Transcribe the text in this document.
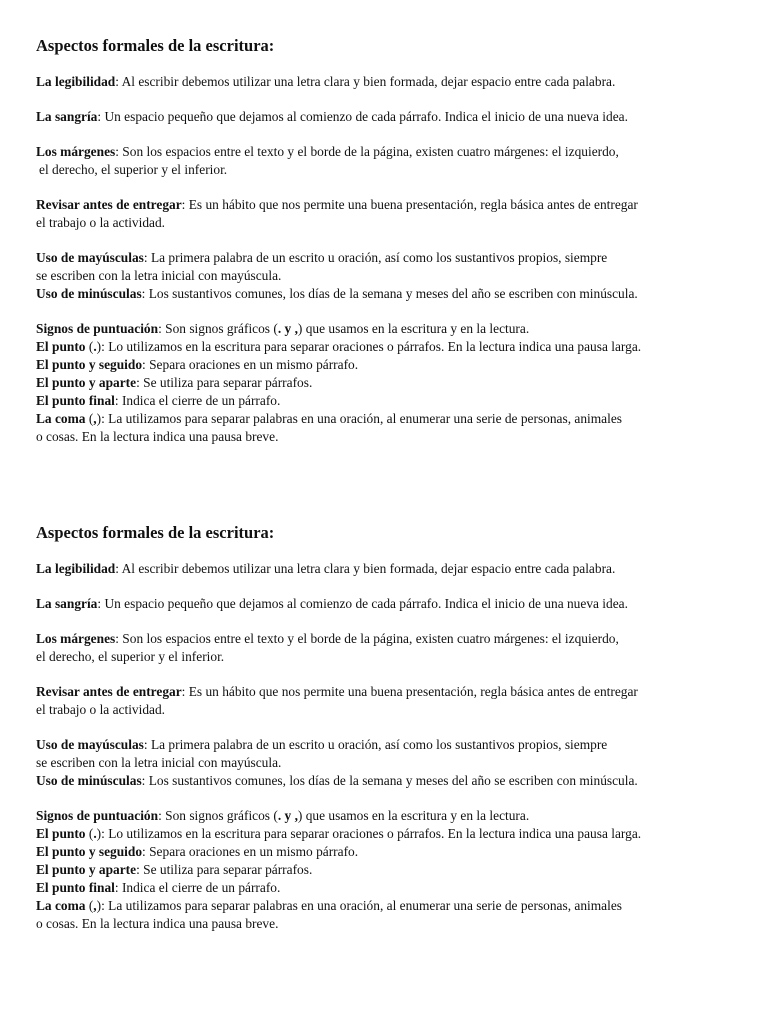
Aspectos formales de la escritura:

La legibilidad: Al escribir debemos utilizar una letra clara y bien formada, dejar espacio entre cada palabra.

La sangría: Un espacio pequeño que dejamos al comienzo de cada párrafo. Indica el inicio de una nueva idea.

Los márgenes: Son los espacios entre el texto y el borde de la página, existen cuatro márgenes: el izquierdo,
el derecho, el superior y el inferior.

Revisar antes de entregar: Es un hábito que nos permite una buena presentación, regla básica antes de entregar
el trabajo o la actividad.

Uso de mayúsculas: La primera palabra de un escrito u oración, así como los sustantivos propios, siempre
se escriben con la letra inicial con mayúscula.
Uso de minúsculas: Los sustantivos comunes, los días de la semana y meses del año se escriben con minúscula.

Signos de puntuación: Son signos gráficos (. y ,) que usamos en la escritura y en la lectura.
El punto (.): Lo utilizamos en la escritura para separar oraciones o párrafos. En la lectura indica una pausa larga.
El punto y seguido: Separa oraciones en un mismo párrafo.
El punto y aparte: Se utiliza para separar párrafos.
El punto final: Indica el cierre de un párrafo.
La coma (,): La utilizamos para separar palabras en una oración, al enumerar una serie de personas, animales
o cosas. En la lectura indica una pausa breve.

Aspectos formales de la escritura:

La legibilidad: Al escribir debemos utilizar una letra clara y bien formada, dejar espacio entre cada palabra.

La sangría: Un espacio pequeño que dejamos al comienzo de cada párrafo. Indica el inicio de una nueva idea.

Los márgenes: Son los espacios entre el texto y el borde de la página, existen cuatro márgenes: el izquierdo,
el derecho, el superior y el inferior.

Revisar antes de entregar: Es un hábito que nos permite una buena presentación, regla básica antes de entregar
el trabajo o la actividad.

Uso de mayúsculas: La primera palabra de un escrito u oración, así como los sustantivos propios, siempre
se escriben con la letra inicial con mayúscula.
Uso de minúsculas: Los sustantivos comunes, los días de la semana y meses del año se escriben con minúscula.

Signos de puntuación: Son signos gráficos (. y ,) que usamos en la escritura y en la lectura.
El punto (.): Lo utilizamos en la escritura para separar oraciones o párrafos. En la lectura indica una pausa larga.
El punto y seguido: Separa oraciones en un mismo párrafo.
El punto y aparte: Se utiliza para separar párrafos.
El punto final: Indica el cierre de un párrafo.
La coma (,): La utilizamos para separar palabras en una oración, al enumerar una serie de personas, animales
o cosas. En la lectura indica una pausa breve.
